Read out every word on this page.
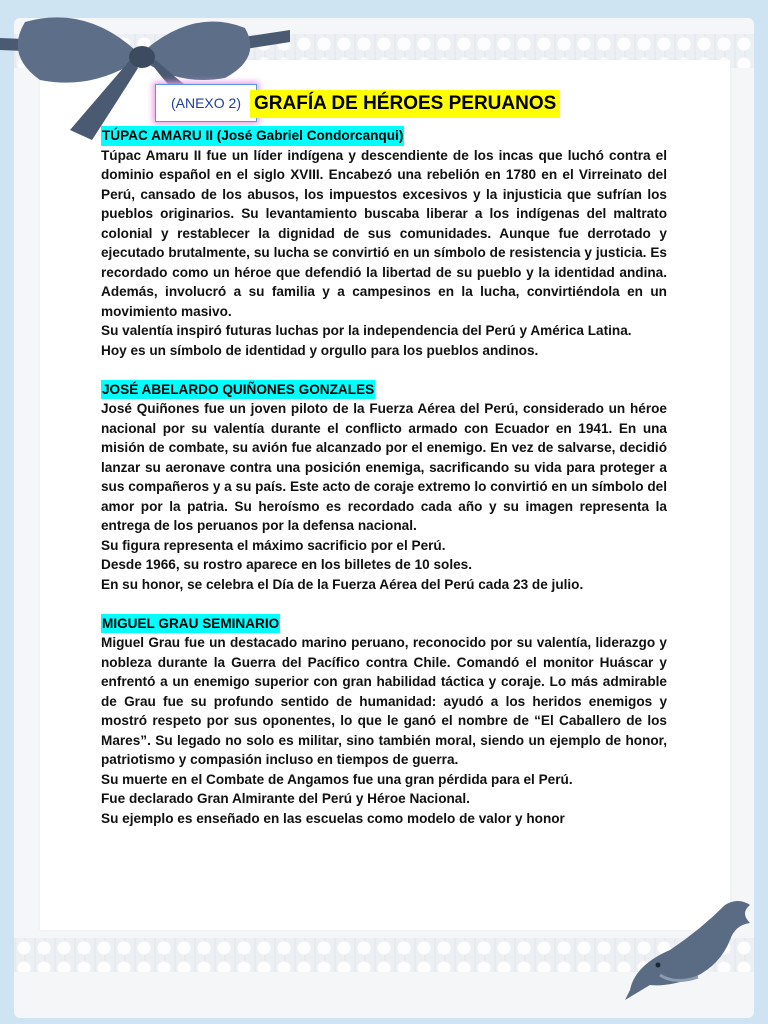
(ANEXO 2) GRAFÍA DE HÉROES PERUANOS
TÚPAC AMARU II (José Gabriel Condorcanqui)

Túpac Amaru II fue un líder indígena y descendiente de los incas que luchó contra el dominio español en el siglo XVIII. Encabezó una rebelión en 1780 en el Virreinato del Perú, cansado de los abusos, los impuestos excesivos y la injusticia que sufrían los pueblos originarios. Su levantamiento buscaba liberar a los indígenas del maltrato colonial y restablecer la dignidad de sus comunidades. Aunque fue derrotado y ejecutado brutalmente, su lucha se convirtió en un símbolo de resistencia y justicia. Es recordado como un héroe que defendió la libertad de su pueblo y la identidad andina. Además, involucró a su familia y a campesinos en la lucha, convirtiéndola en un movimiento masivo.

Su valentía inspiró futuras luchas por la independencia del Perú y América Latina.

Hoy es un símbolo de identidad y orgullo para los pueblos andinos.

JOSÉ ABELARDO QUIÑONES GONZALES

José Quiñones fue un joven piloto de la Fuerza Aérea del Perú, considerado un héroe nacional por su valentía durante el conflicto armado con Ecuador en 1941. En una misión de combate, su avión fue alcanzado por el enemigo. En vez de salvarse, decidió lanzar su aeronave contra una posición enemiga, sacrificando su vida para proteger a sus compañeros y a su país. Este acto de coraje extremo lo convirtió en un símbolo del amor por la patria. Su heroísmo es recordado cada año y su imagen representa la entrega de los peruanos por la defensa nacional.

Su figura representa el máximo sacrificio por el Perú.

Desde 1966, su rostro aparece en los billetes de 10 soles.

En su honor, se celebra el Día de la Fuerza Aérea del Perú cada 23 de julio.

MIGUEL GRAU SEMINARIO

Miguel Grau fue un destacado marino peruano, reconocido por su valentía, liderazgo y nobleza durante la Guerra del Pacífico contra Chile. Comandó el monitor Huáscar y enfrentó a un enemigo superior con gran habilidad táctica y coraje. Lo más admirable de Grau fue su profundo sentido de humanidad: ayudó a los heridos enemigos y mostró respeto por sus oponentes, lo que le ganó el nombre de “El Caballero de los Mares”. Su legado no solo es militar, sino también moral, siendo un ejemplo de honor, patriotismo y compasión incluso en tiempos de guerra.

Su muerte en el Combate de Angamos fue una gran pérdida para el Perú.

Fue declarado Gran Almirante del Perú y Héroe Nacional.

Su ejemplo es enseñado en las escuelas como modelo de valor y honor
